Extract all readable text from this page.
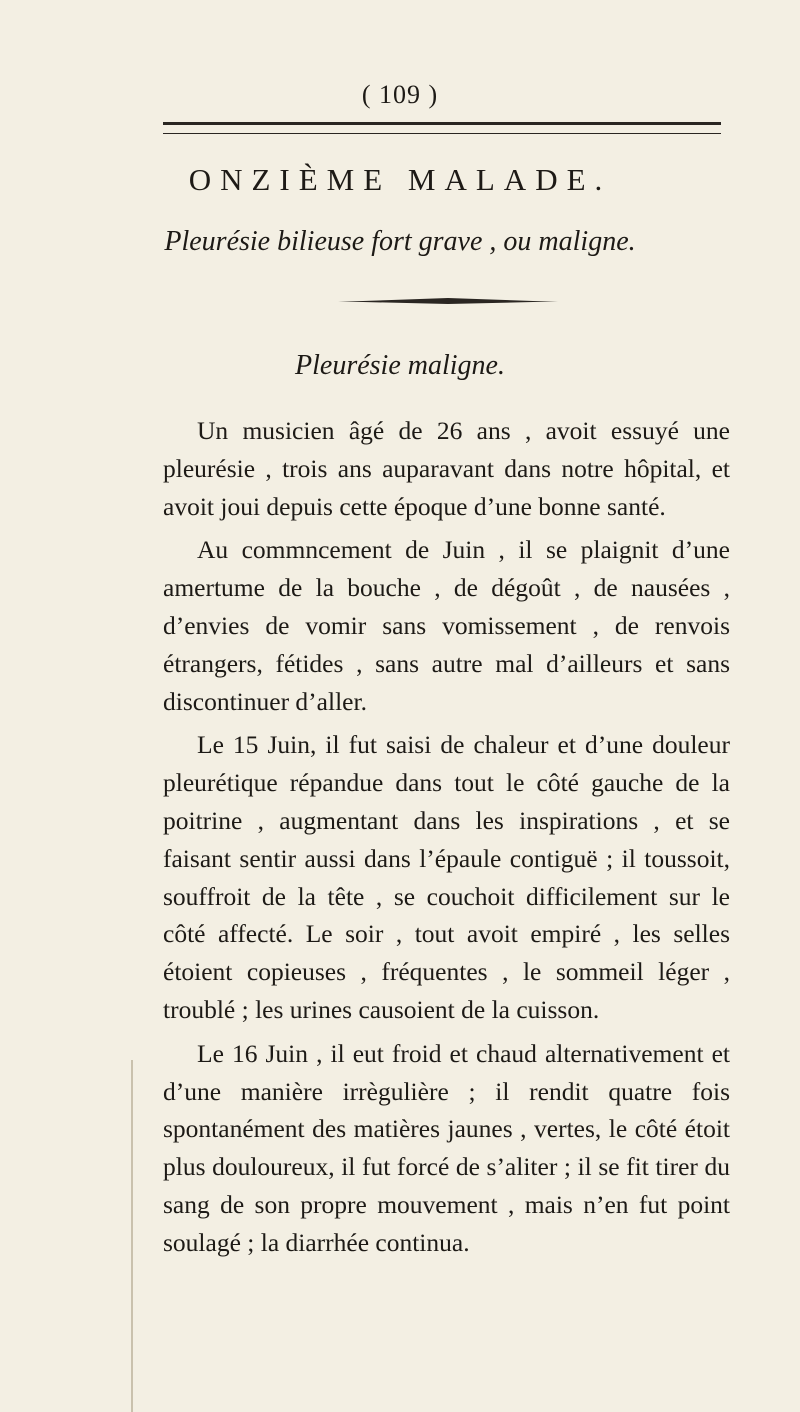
( 109 )
ONZIÈME MALADE.
Pleurésie bilieuse fort grave , ou maligne.
Pleurésie maligne.

Un musicien âgé de 26 ans , avoit essuyé une pleurésie , trois ans auparavant dans notre hôpital, et avoit joui depuis cette époque d’une bonne santé.

Au commncement de Juin , il se plaignit d’une amertume de la bouche , de dégoût , de nausées , d’envies de vomir sans vomissement , de renvois étrangers, fétides , sans autre mal d’ailleurs et sans discontinuer d’aller.

Le 15 Juin, il fut saisi de chaleur et d’une douleur pleurétique répandue dans tout le côté gauche de la poitrine , augmentant dans les inspirations , et se faisant sentir aussi dans l’épaule contiguë ; il toussoit, souffroit de la tête , se couchoit difficilement sur le côté affecté. Le soir , tout avoit empiré , les selles étoient copieuses , fréquentes , le sommeil léger , troublé ; les urines causoient de la cuisson.

Le 16 Juin , il eut froid et chaud alternativement et d’une manière irrègulière ; il rendit quatre fois spontanément des matières jaunes , vertes, le côté étoit plus douloureux, il fut forcé de s’aliter ; il se fit tirer du sang de son propre mouvement , mais n’en fut point soulagé ; la diarrhée continua.
